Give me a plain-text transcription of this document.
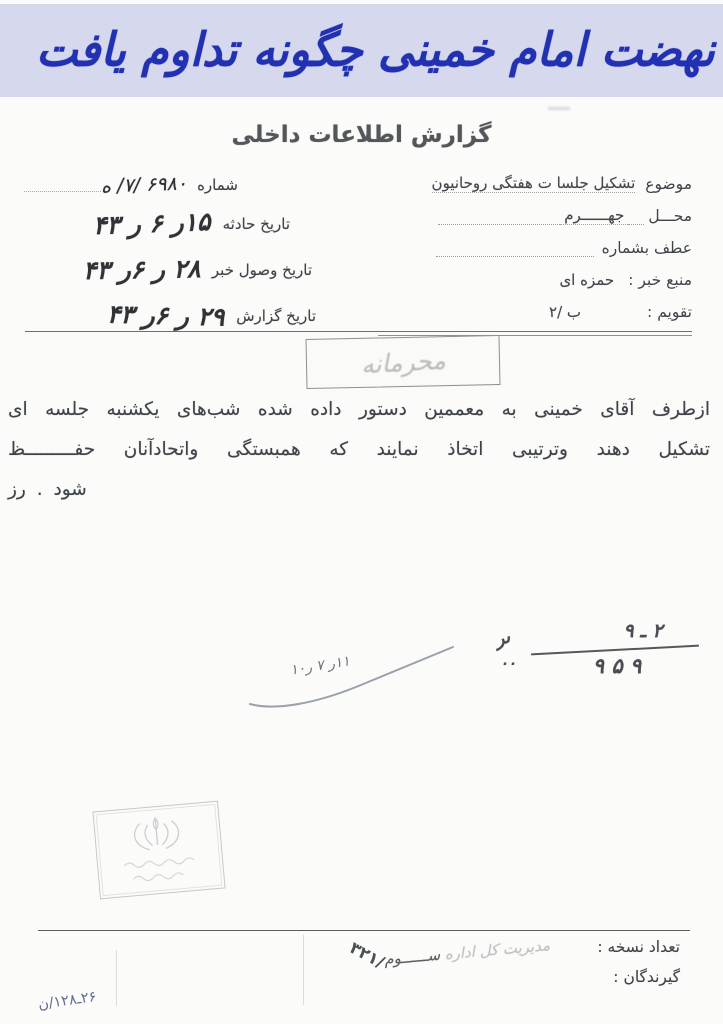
نهضت امام خمینی چگونه تداوم یافت
گزارش اطلاعات داخلی
موضوع
تشکیل جلسا ت هفتگی روحانیون
محـــل
جهــــــرم
عطف بشماره
منبع خبر :
حمزه ای
تقویم :
۲/ ب
شماره
ه /۷/ ۶۹۸۰
تاریخ حادثه
۴۳ ر ۶ ر۱۵
تاریخ وصول خبر
۴۳ ر۶ ر ۲۸
تاریخ گزارش
۴۳ ر۶ ر ۲۹
محرمانه
ازطرف آقای خمینی به معممین دستور داده شده شب‌های یکشنبه جلسه ای
تشکیل دهند وترتیبی اتخاذ نمایند که همبستگی واتحادآنان حفـــــــــظ
شود . رز
ىر
..
۹ ـ ۲
۹ ۵ ۹
۱۰ر ۷ ر۱۱
تعداد نسخه :
گیرندگان :
مدیریت کل اداره ســــــوم /۳۲۱
ن/۱۲۸ـ۲۶
